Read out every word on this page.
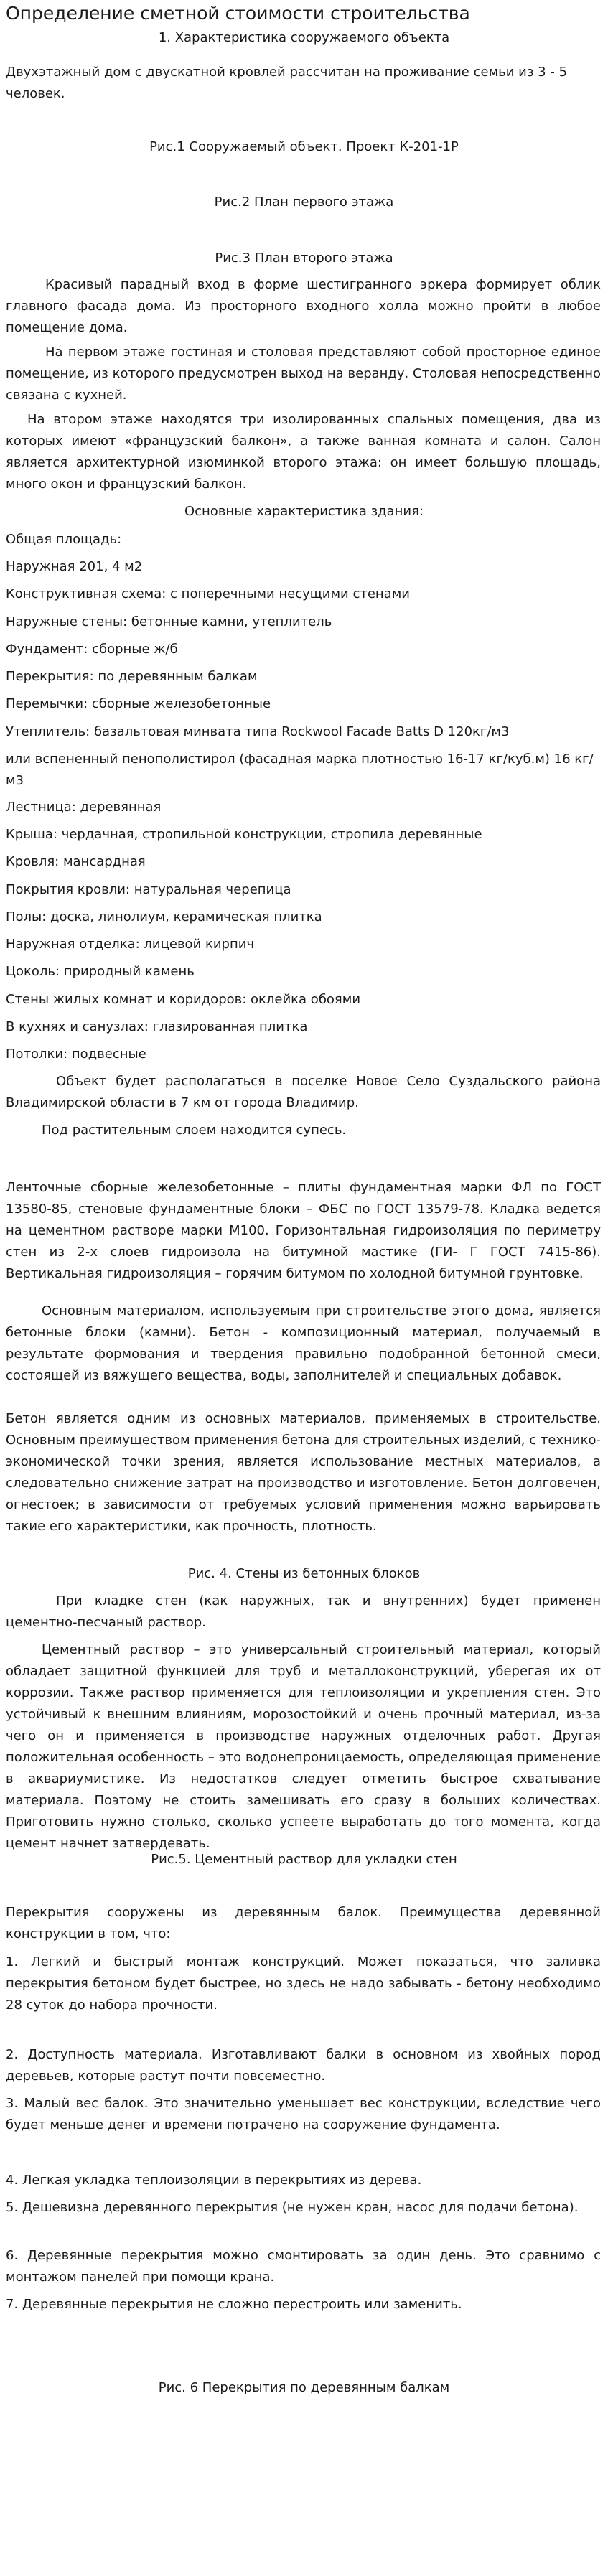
Определение сметной стоимости строительства

1. Характеристика сооружаемого объекта

Двухэтажный дом с двускатной кровлей рассчитан на проживание семьи из 3 - 5 человек.

Рис.1 Сооружаемый объект. Проект К-201-1Р

Рис.2 План первого этажа

Рис.3 План второго этажа

Красивый парадный вход в форме шестигранного эркера формирует облик главного фасада дома. Из просторного входного холла можно пройти в любое помещение дома.

На первом этаже гостиная и столовая представляют собой просторное единое помещение, из которого предусмотрен выход на веранду. Столовая непосредственно связана с кухней.

На втором этаже находятся три изолированных спальных помещения, два из которых имеют «французский балкон», а также ванная комната и салон. Салон является архитектурной изюминкой второго этажа: он имеет большую площадь, много окон и французский балкон.

Основные характеристика здания:

Общая площадь:

Наружная 201, 4 м2

Конструктивная схема: с поперечными несущими стенами

Наружные стены: бетонные камни, утеплитель

Фундамент: сборные ж/б

Перекрытия: по деревянным балкам

Перемычки: сборные железобетонные

Утеплитель: базальтовая минвата типа Rockwool Facade Batts D 120кг/м3

или вспененный пенополистирол (фасадная марка плотностью 16-17 кг/куб.м) 16 кг/м3

Лестница: деревянная

Крыша: чердачная, стропильной конструкции, стропила деревянные

Кровля: мансардная

Покрытия кровли: натуральная черепица

Полы: доска, линолиум, керамическая плитка

Наружная отделка: лицевой кирпич

Цоколь: природный камень

Стены жилых комнат и коридоров: оклейка обоями

В кухнях и санузлах: глазированная плитка

Потолки: подвесные

Объект будет располагаться в поселке Новое Село Суздальского района Владимирской области в 7 км от города Владимир.

Под растительным слоем находится супесь.

Ленточные сборные железобетонные – плиты фундаментная марки ФЛ по ГОСТ 13580-85, стеновые фундаментные блоки – ФБС по ГОСТ 13579-78. Кладка ведется на цементном растворе марки М100. Горизонтальная гидроизоляция по периметру стен из 2-х слоев гидроизола на битумной мастике (ГИ- Г ГОСТ 7415-86). Вертикальная гидроизоляция – горячим битумом по холодной битумной грунтовке.

Основным материалом, используемым при строительстве этого дома, является бетонные блоки (камни). Бетон - композиционный материал, получаемый в результате формования и твердения правильно подобранной бетонной смеси, состоящей из вяжущего вещества, воды, заполнителей и специальных добавок.

Бетон является одним из основных материалов, применяемых в строительстве. Основным преимуществом применения бетона для строительных изделий, с технико-экономической точки зрения, является использование местных материалов, а следовательно снижение затрат на производство и изготовление. Бетон долговечен, огнестоек; в зависимости от требуемых условий применения можно варьировать такие его характеристики, как прочность, плотность.

Рис. 4. Стены из бетонных блоков

При кладке стен (как наружных, так и внутренних) будет применен цементно-песчаный раствор.

Цементный раствор – это универсальный строительный материал, который обладает защитной функцией для труб и металлоконструкций, уберегая их от коррозии. Также раствор применяется для теплоизоляции и укрепления стен. Это устойчивый к внешним влияниям, морозостойкий и очень прочный материал, из-за чего он и применяется в производстве наружных отделочных работ. Другая положительная особенность – это водонепроницаемость, определяющая применение в аквариумистике. Из недостатков следует отметить быстрое схватывание материала. Поэтому не стоить замешивать его сразу в больших количествах. Приготовить нужно столько, сколько успеете выработать до того момента, когда цемент начнет затвердевать.

Рис.5. Цементный раствор для укладки стен

Перекрытия сооружены из деревянным балок. Преимущества деревянной конструкции в том, что:

1. Легкий и быстрый монтаж конструкций. Может показаться, что заливка перекрытия бетоном будет быстрее, но здесь не надо забывать - бетону необходимо 28 суток до набора прочности.

2. Доступность материала. Изготавливают балки в основном из хвойных пород деревьев, которые растут почти повсеместно.

3. Малый вес балок. Это значительно уменьшает вес конструкции, вследствие чего будет меньше денег и времени потрачено на сооружение фундамента.

4. Легкая укладка теплоизоляции в перекрытиях из дерева.

5. Дешевизна деревянного перекрытия (не нужен кран, насос для подачи бетона).

6. Деревянные перекрытия можно смонтировать за один день. Это сравнимо с монтажом панелей при помощи крана.

7. Деревянные перекрытия не сложно перестроить или заменить.

Рис. 6 Перекрытия по деревянным балкам
